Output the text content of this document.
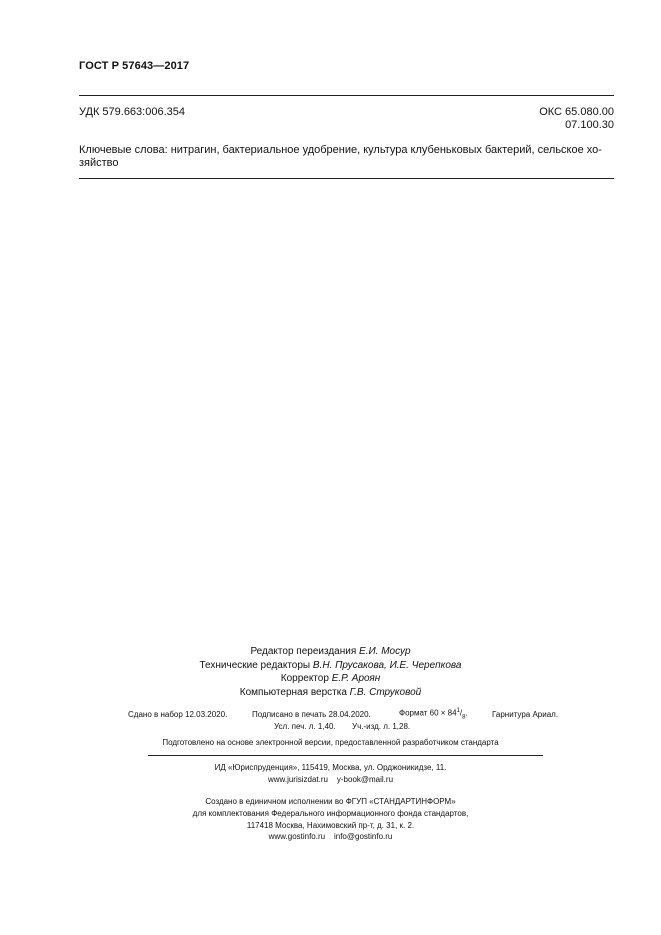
ГОСТ Р 57643—2017
УДК 579.663:006.354	ОКС 65.080.00
07.100.30
Ключевые слова: нитрагин, бактериальное удобрение, культура клубеньковых бактерий, сельское хо-
зяйство
Редактор переиздания Е.И. Мосур
Технические редакторы В.Н. Прусакова, И.Е. Черепкова
Корректор Е.Р. Ароян
Компьютерная верстка Г.В. Струковой
Сдано в набор 12.03.2020.	Подписано в печать 28.04.2020.	Формат $60 \times 84^1/_8$.	Гарнитура Ариал.
Усл. печ. л. 1,40. Уч.-изд. л. 1,28.
Подготовлено на основе электронной версии, предоставленной разработчиком стандарта
ИД «Юриспруденция», 115419, Москва, ул. Орджоникидзе, 11.
www.jurisizdat.ru y-book@mail.ru
Создано в единичном исполнении во ФГУП «СТАНДАРТИНФОРМ»
для комплектования Федерального информационного фонда стандартов,
117418 Москва, Нахимовский пр-т, д. 31, к. 2.
www.gostinfo.ru info@gostinfo.ru
